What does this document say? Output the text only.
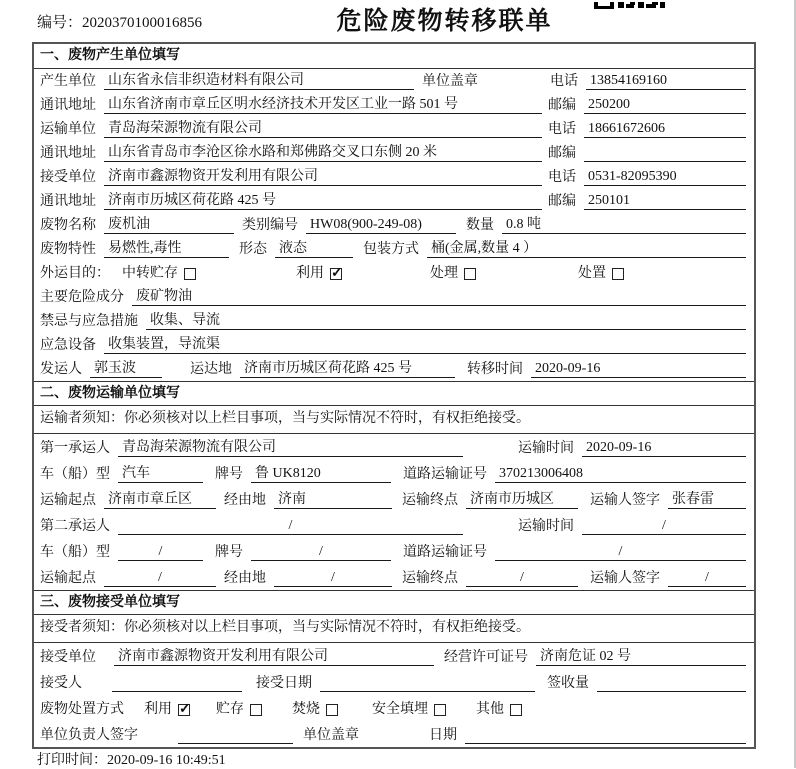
编号：2020370100016856	危险废物转移联单
一、废物产生单位填写
产生单位 山东省永信非织造材料有限公司	单位盖章	电话 13854169160
通讯地址 山东省济南市章丘区明水经济技术开发区工业一路 501 号	邮编 250200
运输单位 青岛海荣源物流有限公司	电话 18661672606
通讯地址 山东省青岛市李沧区徐水路和郑佛路交叉口东侧 20 米	邮编
接受单位 济南市鑫源物资开发利用有限公司	电话 0531-82095390
通讯地址 济南市历城区荷花路 425 号	邮编 250101
废物名称 废机油	类别编号 HW08(900-249-08)	数量 0.8 吨
废物特性 易燃性,毒性	形态 液态	包装方式 桶(金属,数量 4 ）
外运目的： 中转贮存	利用 ✓	处理	处置
主要危险成分 废矿物油
禁忌与应急措施 收集、导流
应急设备 收集装置，导流渠
发运人 郭玉波	运达地 济南市历城区荷花路 425 号	转移时间 2020-09-16
二、废物运输单位填写
运输者须知：你必须核对以上栏目事项，当与实际情况不符时，有权拒绝接受。
第一承运人 青岛海荣源物流有限公司	运输时间 2020-09-16
车（船）型 汽车	牌号 鲁 UK8120	道路运输证号 370213006408
运输起点 济南市章丘区	经由地 济南	运输终点 济南市历城区	运输人签字 张春雷
第二承运人	/	运输时间	/
车（船）型	/	牌号	/	道路运输证号	/
运输起点	/	经由地	/	运输终点	/	运输人签字	/
三、废物接受单位填写
接受者须知：你必须核对以上栏目事项，当与实际情况不符时，有权拒绝接受。
接受单位 济南市鑫源物资开发利用有限公司	经营许可证号 济南危证 02 号
接受人	接受日期	签收量
废物处置方式 利用 ✓	贮存	焚烧	安全填埋	其他
单位负责人签字	单位盖章	日期
打印时间：2020-09-16 10:49:51
